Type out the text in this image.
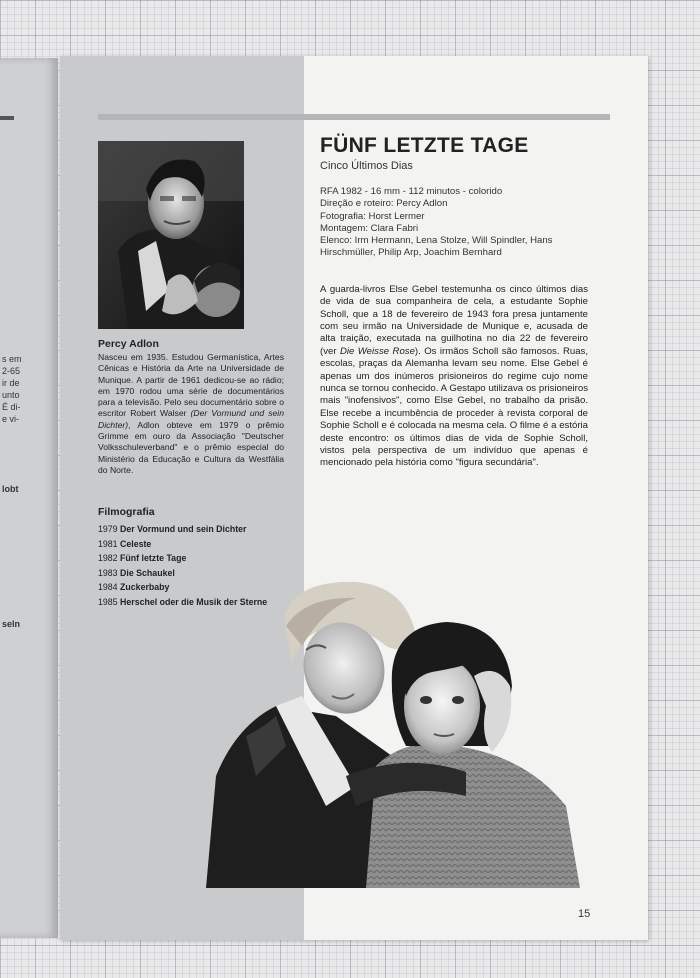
s em
2-65
ir de
unto
É di-
e vi-
lobt
seln
Percy Adlon

Nasceu em 1935. Estudou Germanística, Artes Cênicas e História da Arte na Universidade de Munique. A partir de 1961 dedicou-se ao rádio; em 1970 rodou uma série de documentários para a televisão. Pelo seu documentário sobre o escritor Robert Walser (Der Vormund und sein Dichter), Adlon obteve em 1979 o prêmio Grimme em ouro da Associação "Deutscher Volksschuleverband" e o prêmio especial do Ministério da Educação e Cultura da Westfália do Norte.

Filmografia
1979 Der Vormund und sein Dichter
1981 Celeste
1982 Fünf letzte Tage
1983 Die Schaukel
1984 Zuckerbaby
1985 Herschel oder die Musik der Sterne
FÜNF LETZTE TAGE
Cinco Últimos Dias
RFA 1982 - 16 mm - 112 minutos - colorido
Direção e roteiro: Percy Adlon
Fotografia: Horst Lermer
Montagem: Clara Fabri
Elenco: Irm Hermann, Lena Stolze, Will Spindler, Hans Hirschmüller, Philip Arp, Joachim Bernhard

A guarda-livros Else Gebel testemunha os cinco últimos dias de vida de sua companheira de cela, a estudante Sophie Scholl, que a 18 de fevereiro de 1943 fora presa juntamente com seu irmão na Universidade de Munique e, acusada de alta traição, executada na guilhotina no dia 22 de fevereiro (ver Die Weisse Rose). Os irmãos Scholl são famosos. Ruas, escolas, praças da Alemanha levam seu nome. Else Gebel é apenas um dos inúmeros prisioneiros do regime cujo nome nunca se tornou conhecido. A Gestapo utilizava os prisioneiros mais "inofensivos", como Else Gebel, no trabalho da prisão. Else recebe a incumbência de proceder à revista corporal de Sophie Scholl e é colocada na mesma cela. O filme é a estória deste encontro: os últimos dias de vida de Sophie Scholl, vistos pela perspectiva de um indivíduo que apenas é mencionado pela história como "figura secundária".

15
